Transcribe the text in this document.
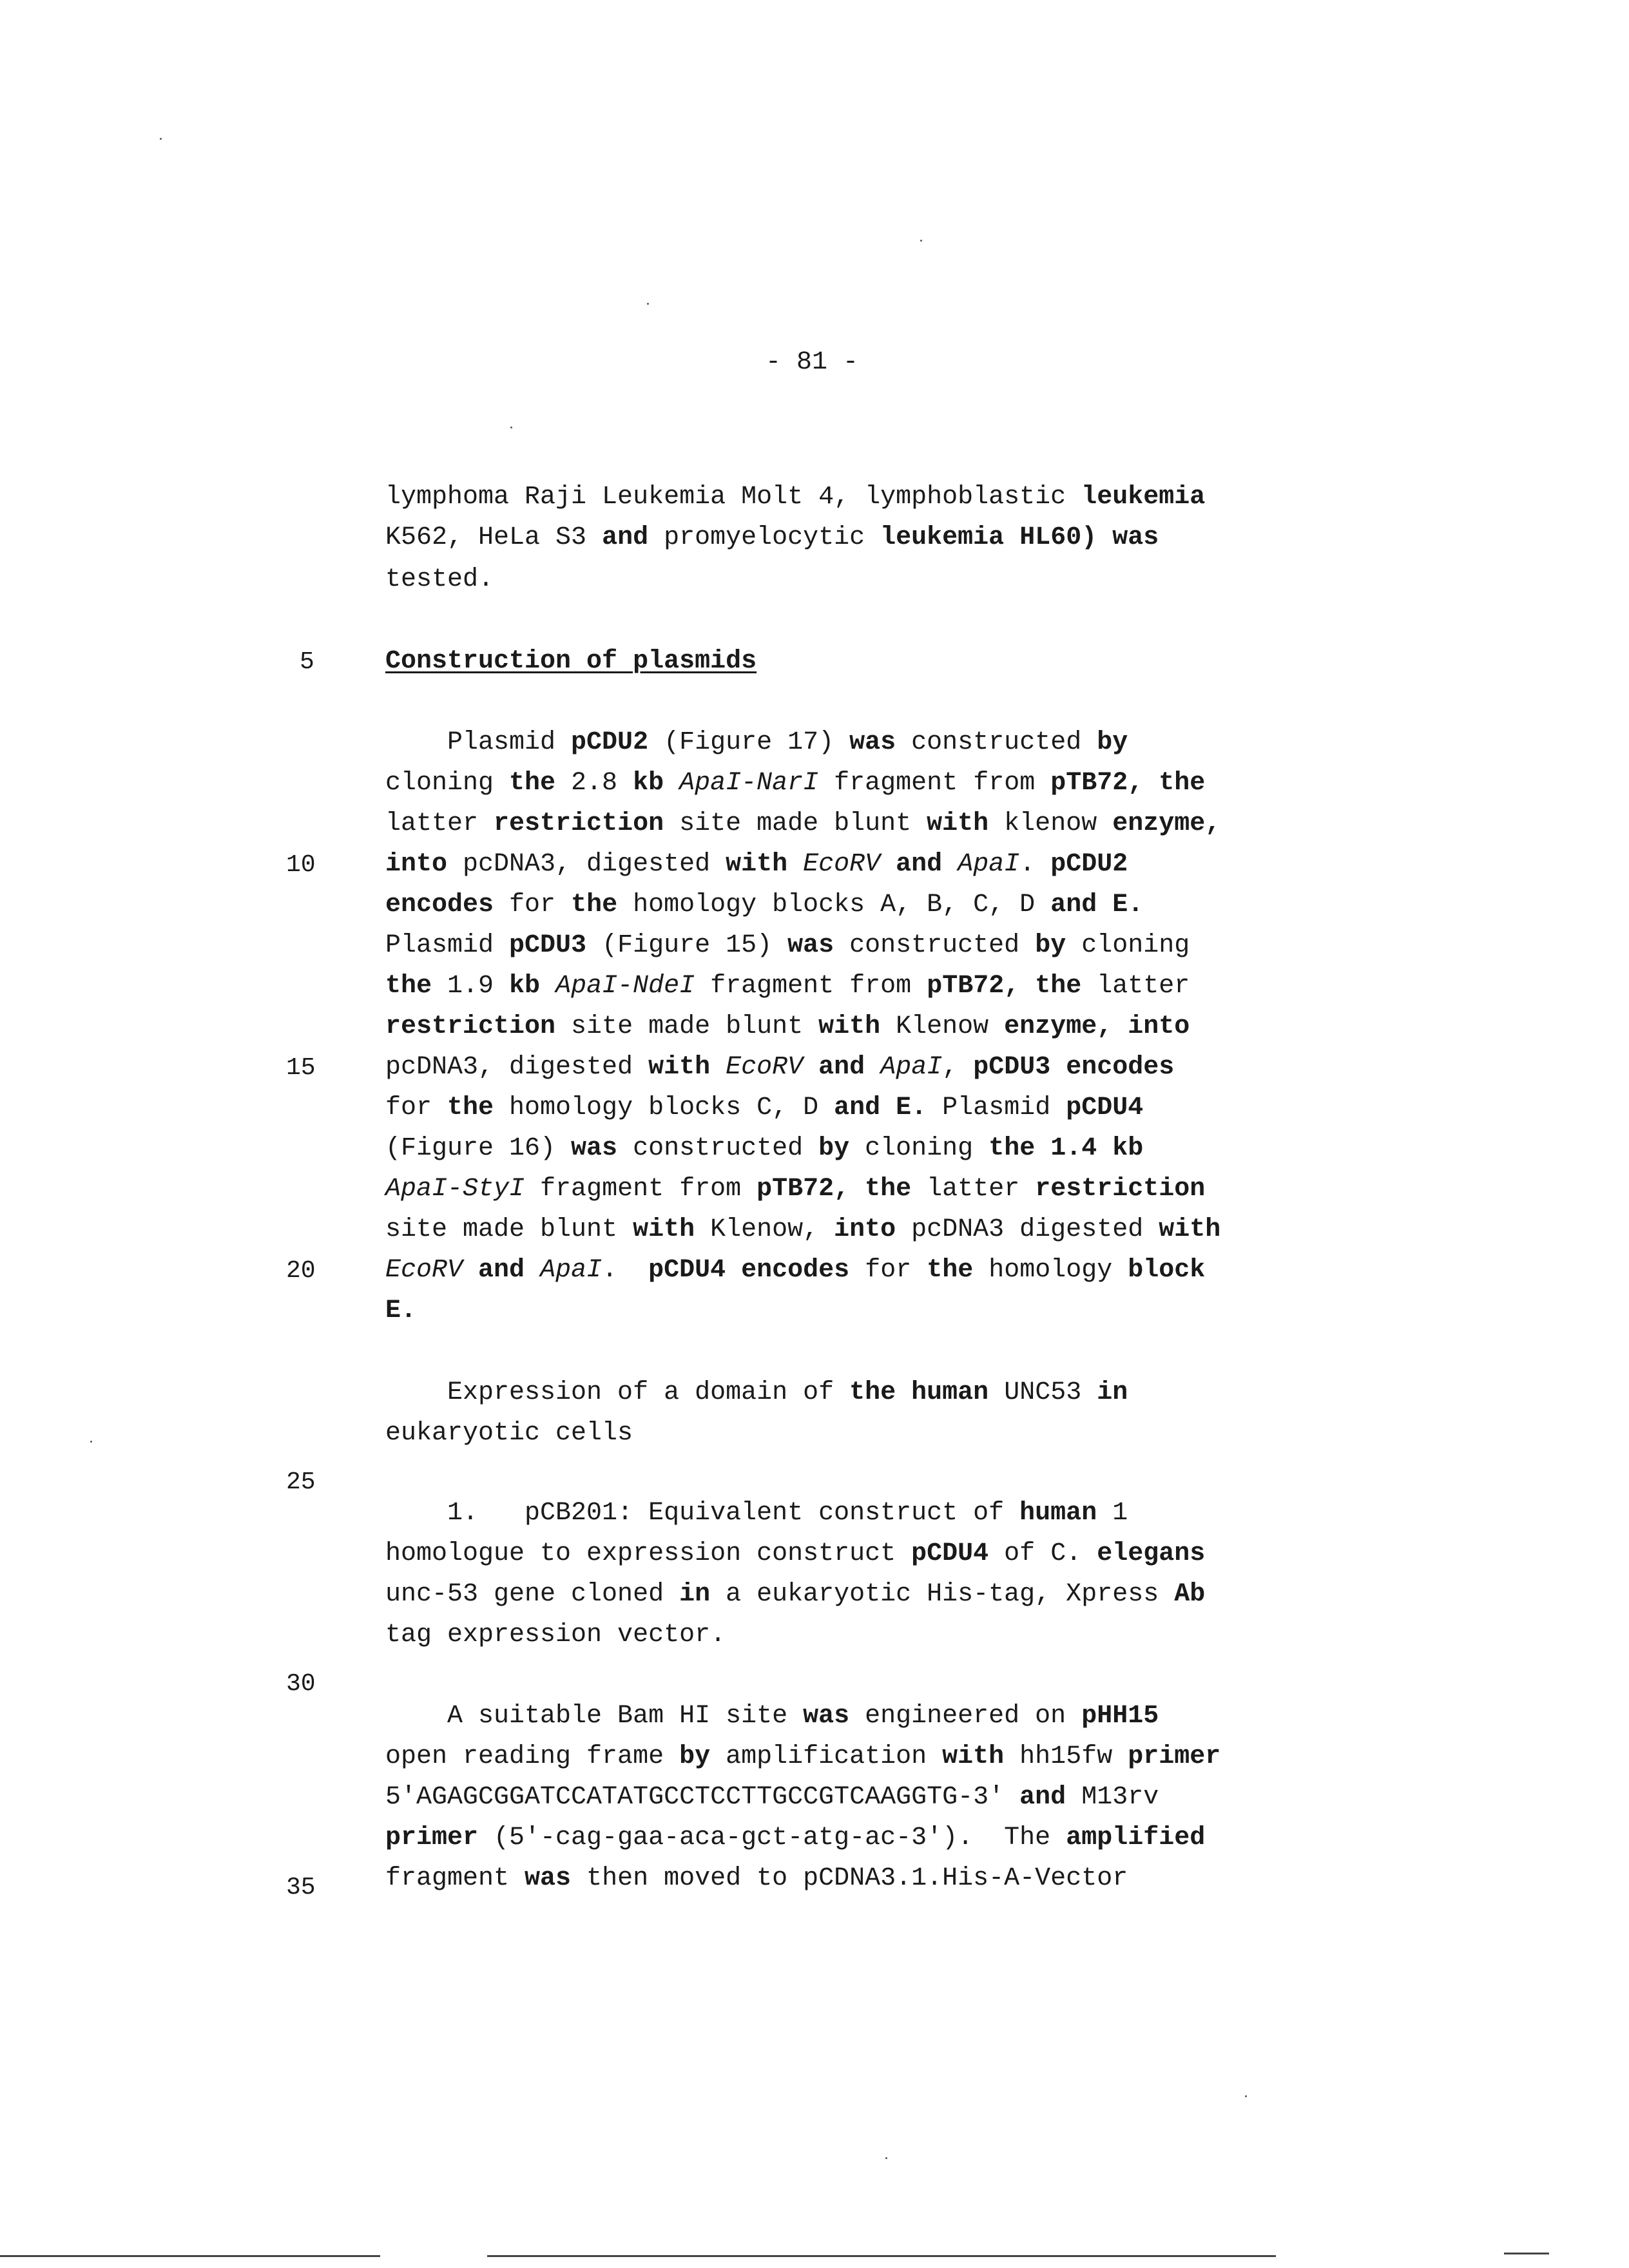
- 81 -
lymphoma Raji Leukemia Molt 4, lymphoblastic leukemia
K562, HeLa S3 and promyelocytic leukemia HL60) was
tested.
5	Construction of plasmids
Plasmid pCDU2 (Figure 17) was constructed by
cloning the 2.8 kb ApaI-NarI fragment from pTB72, the
latter restriction site made blunt with klenow enzyme,
into pcDNA3, digested with EcoRV and ApaI. pCDU2
encodes for the homology blocks A, B, C, D and E.
Plasmid pCDU3 (Figure 15) was constructed by cloning
the 1.9 kb ApaI-NdeI fragment from pTB72, the latter
restriction site made blunt with Klenow enzyme, into
pcDNA3, digested with EcoRV and ApaI, pCDU3 encodes
for the homology blocks C, D and E. Plasmid pCDU4
(Figure 16) was constructed by cloning the 1.4 kb
ApaI-StyI fragment from pTB72, the latter restriction
site made blunt with Klenow, into pcDNA3 digested with
EcoRV and ApaI.  pCDU4 encodes for the homology block
E.
10
15
20
Expression of a domain of the human UNC53 in
eukaryotic cells
25
1.   pCB201: Equivalent construct of human 1
homologue to expression construct pCDU4 of C. elegans
unc-53 gene cloned in a eukaryotic His-tag, Xpress Ab
tag expression vector.
30
A suitable Bam HI site was engineered on pHH15
open reading frame by amplification with hh15fw primer
5'AGAGCGGATCCATATGCCTCCTTGCCGTCAAGGTG-3' and M13rv
primer (5'-cag-gaa-aca-gct-atg-ac-3').  The amplified
fragment was then moved to pCDNA3.1.His-A-Vector
35
